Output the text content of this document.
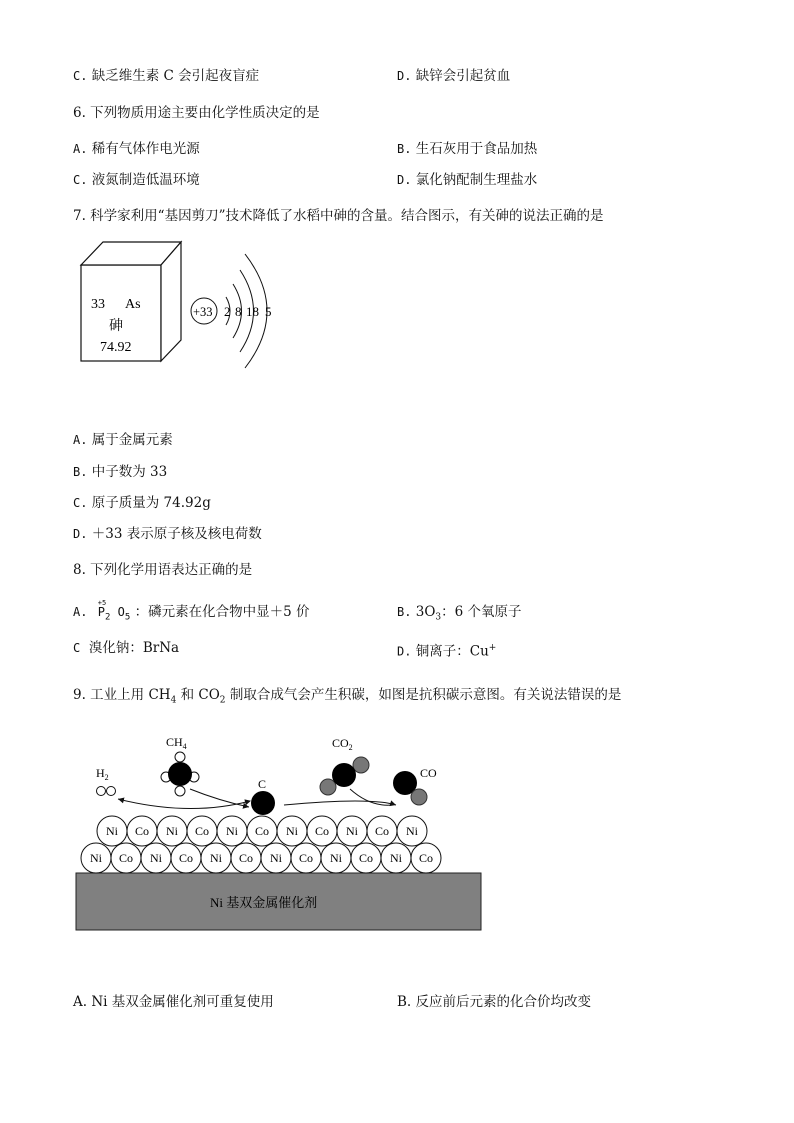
C. 缺乏维生素 C 会引起夜盲症	D. 缺锌会引起贫血
6. 下列物质用途主要由化学性质决定的是
A. 稀有气体作电光源	B. 生石灰用于食品加热
C. 液氮制造低温环境	D. 氯化钠配制生理盐水
7. 科学家利用“基因剪刀”技术降低了水稻中砷的含量。结合图示，有关砷的说法正确的是
33 As
砷
74.92
+33 2 8 18 5
A. 属于金属元素
B. 中子数为 33
C. 原子质量为 74.92g
D. ＋33 表示原子核及核电荷数
8. 下列化学用语表达正确的是
A.
+5
$P_2$ $O_5$ ：磷元素在化合物中显＋5 价	B. $3O_3$：6 个氧原子
C 溴化钠：BrNa	D. 铜离子：Cu+
9. 工业上用 $CH_4$ 和 $CO_2$ 制取合成气会产生积碳，如图是抗积碳示意图。有关说法错误的是
$H_2$
$CH_4$
C
$CO_2$
CO
Ni 基双金属催化剂
Ni Co Ni Co Ni Co Ni Co Ni Co Ni Co
Ni Co Ni Co Ni Co Ni Co Ni Co Ni
A. Ni 基双金属催化剂可重复使用	B. 反应前后元素的化合价均改变
